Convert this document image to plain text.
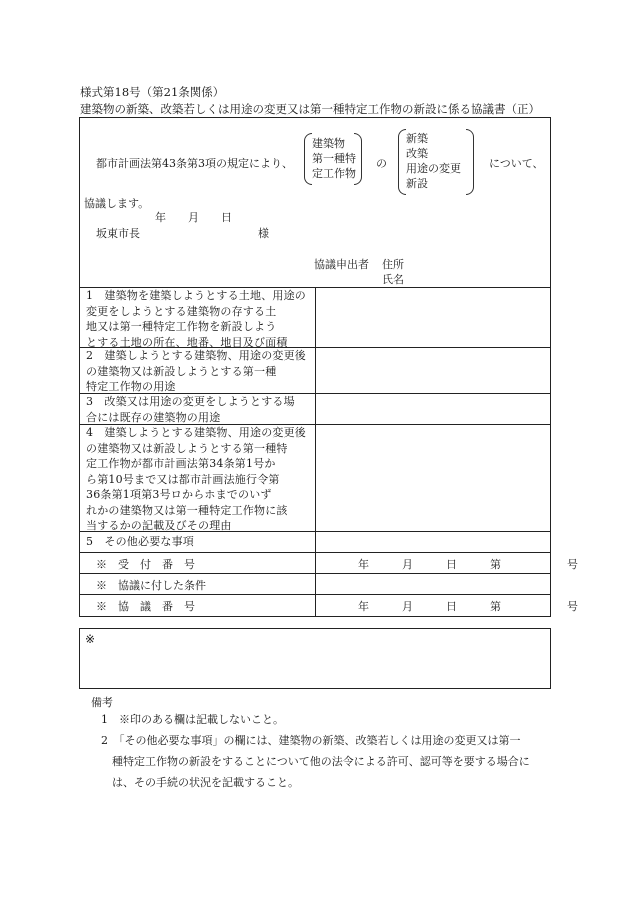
様式第18号（第21条関係）
建築物の新築、改築若しくは用途の変更又は第一種特定工作物の新設に係る協議書（正）
都市計画法第43条第3項の規定により、
建築物
第一種特
定工作物
の
新築
改築
用途の変更
新設
について、
協議します。
年　　月　　日
坂東市長	様
協議申出者 住所
氏名
1　建築物を建築しようとする土地、用途の
変更をしようとする建築物の存する土
地又は第一種特定工作物を新設しよう
とする土地の所在、地番、地目及び面積
2　建築しようとする建築物、用途の変更後
の建築物又は新設しようとする第一種
特定工作物の用途
3　改築又は用途の変更をしようとする場
合には既存の建築物の用途
4　建築しようとする建築物、用途の変更後
の建築物又は新設しようとする第一種特
定工作物が都市計画法第34条第1号か
ら第10号まで又は都市計画法施行令第
36条第1項第3号ロからホまでのいず
れかの建築物又は第一種特定工作物に該
当するかの記載及びその理由
5　その他必要な事項
※　受　付　番　号	年　　　月　　　日　　　第　　　　　　号
※　協議に付した条件
※　協　議　番　号	年　　　月　　　日　　　第　　　　　　号
※
備考
1　※印のある欄は記載しないこと。
2　「その他必要な事項」の欄には、建築物の新築、改築若しくは用途の変更又は第一
種特定工作物の新設をすることについて他の法令による許可、認可等を要する場合に
は、その手続の状況を記載すること。
